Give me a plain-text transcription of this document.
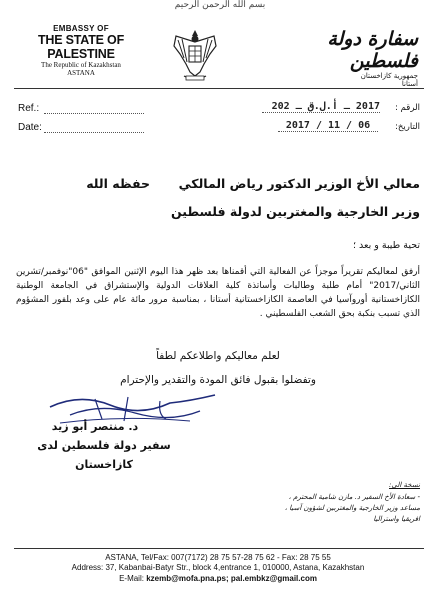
بسم الله الرحمن الرحيم
EMBASSY OF
THE STATE OF PALESTINE
The Republic of Kazakhstan
ASTANA
سفارة دولة فلسطين
جمهورية كازاخستان
أستانا
Ref.:
Date:
الرقم :
2017 ـ أ.ل.ق ـ 202
التاريخ:
2017 / 11 / 06
معالي الأخ الوزير الدكتور رياض المالكي
حفظه الله
وزير الخارجية والمغتربين لدولة فلسطين
تحية طيبة و بعد ؛
أرفق لمعاليكم تقريراً موجزاً عن الفعالية التي أقمناها بعد ظهر هذا اليوم الإثنين الموافق "06"نوفمبر/تشرين الثاني/2017" أمام طلبة وطالبات وأساتذة كلية العلاقات الدولية والإستشراق في الجامعة الوطنية الكازاخستانية أوروآسيا في العاصمة الكازاخستانية أستانا ، بمناسبة مرور مائة عام على وعد بلفور المشؤوم الذي تسبب بنكبة بحق الشعب الفلسطيني .
لعلم معاليكم واطلاعكم لطفاً
وتفضلوا بقبول فائق المودة والتقدير والإحترام
د. منتصر أبو زيد
سفير دولة فلسطين لدى كازاخستان
نسخة الى:
- سعادة الأخ السفير د. مازن شامية المحترم ،
مساعد وزير الخارجية والمغتربين لشؤون آسيا ،
افريقيا واستراليا
ASTANA, Tel/Fax: 007(7172) 28 75 57-28 75 62 - Fax: 28 75 55
Address: 37, Kabanbai-Batyr Str., block 4,entrance 1, 010000, Astana, Kazakhstan
E-Mail: kzemb@mofa.pna.ps; pal.embkz@gmail.com
